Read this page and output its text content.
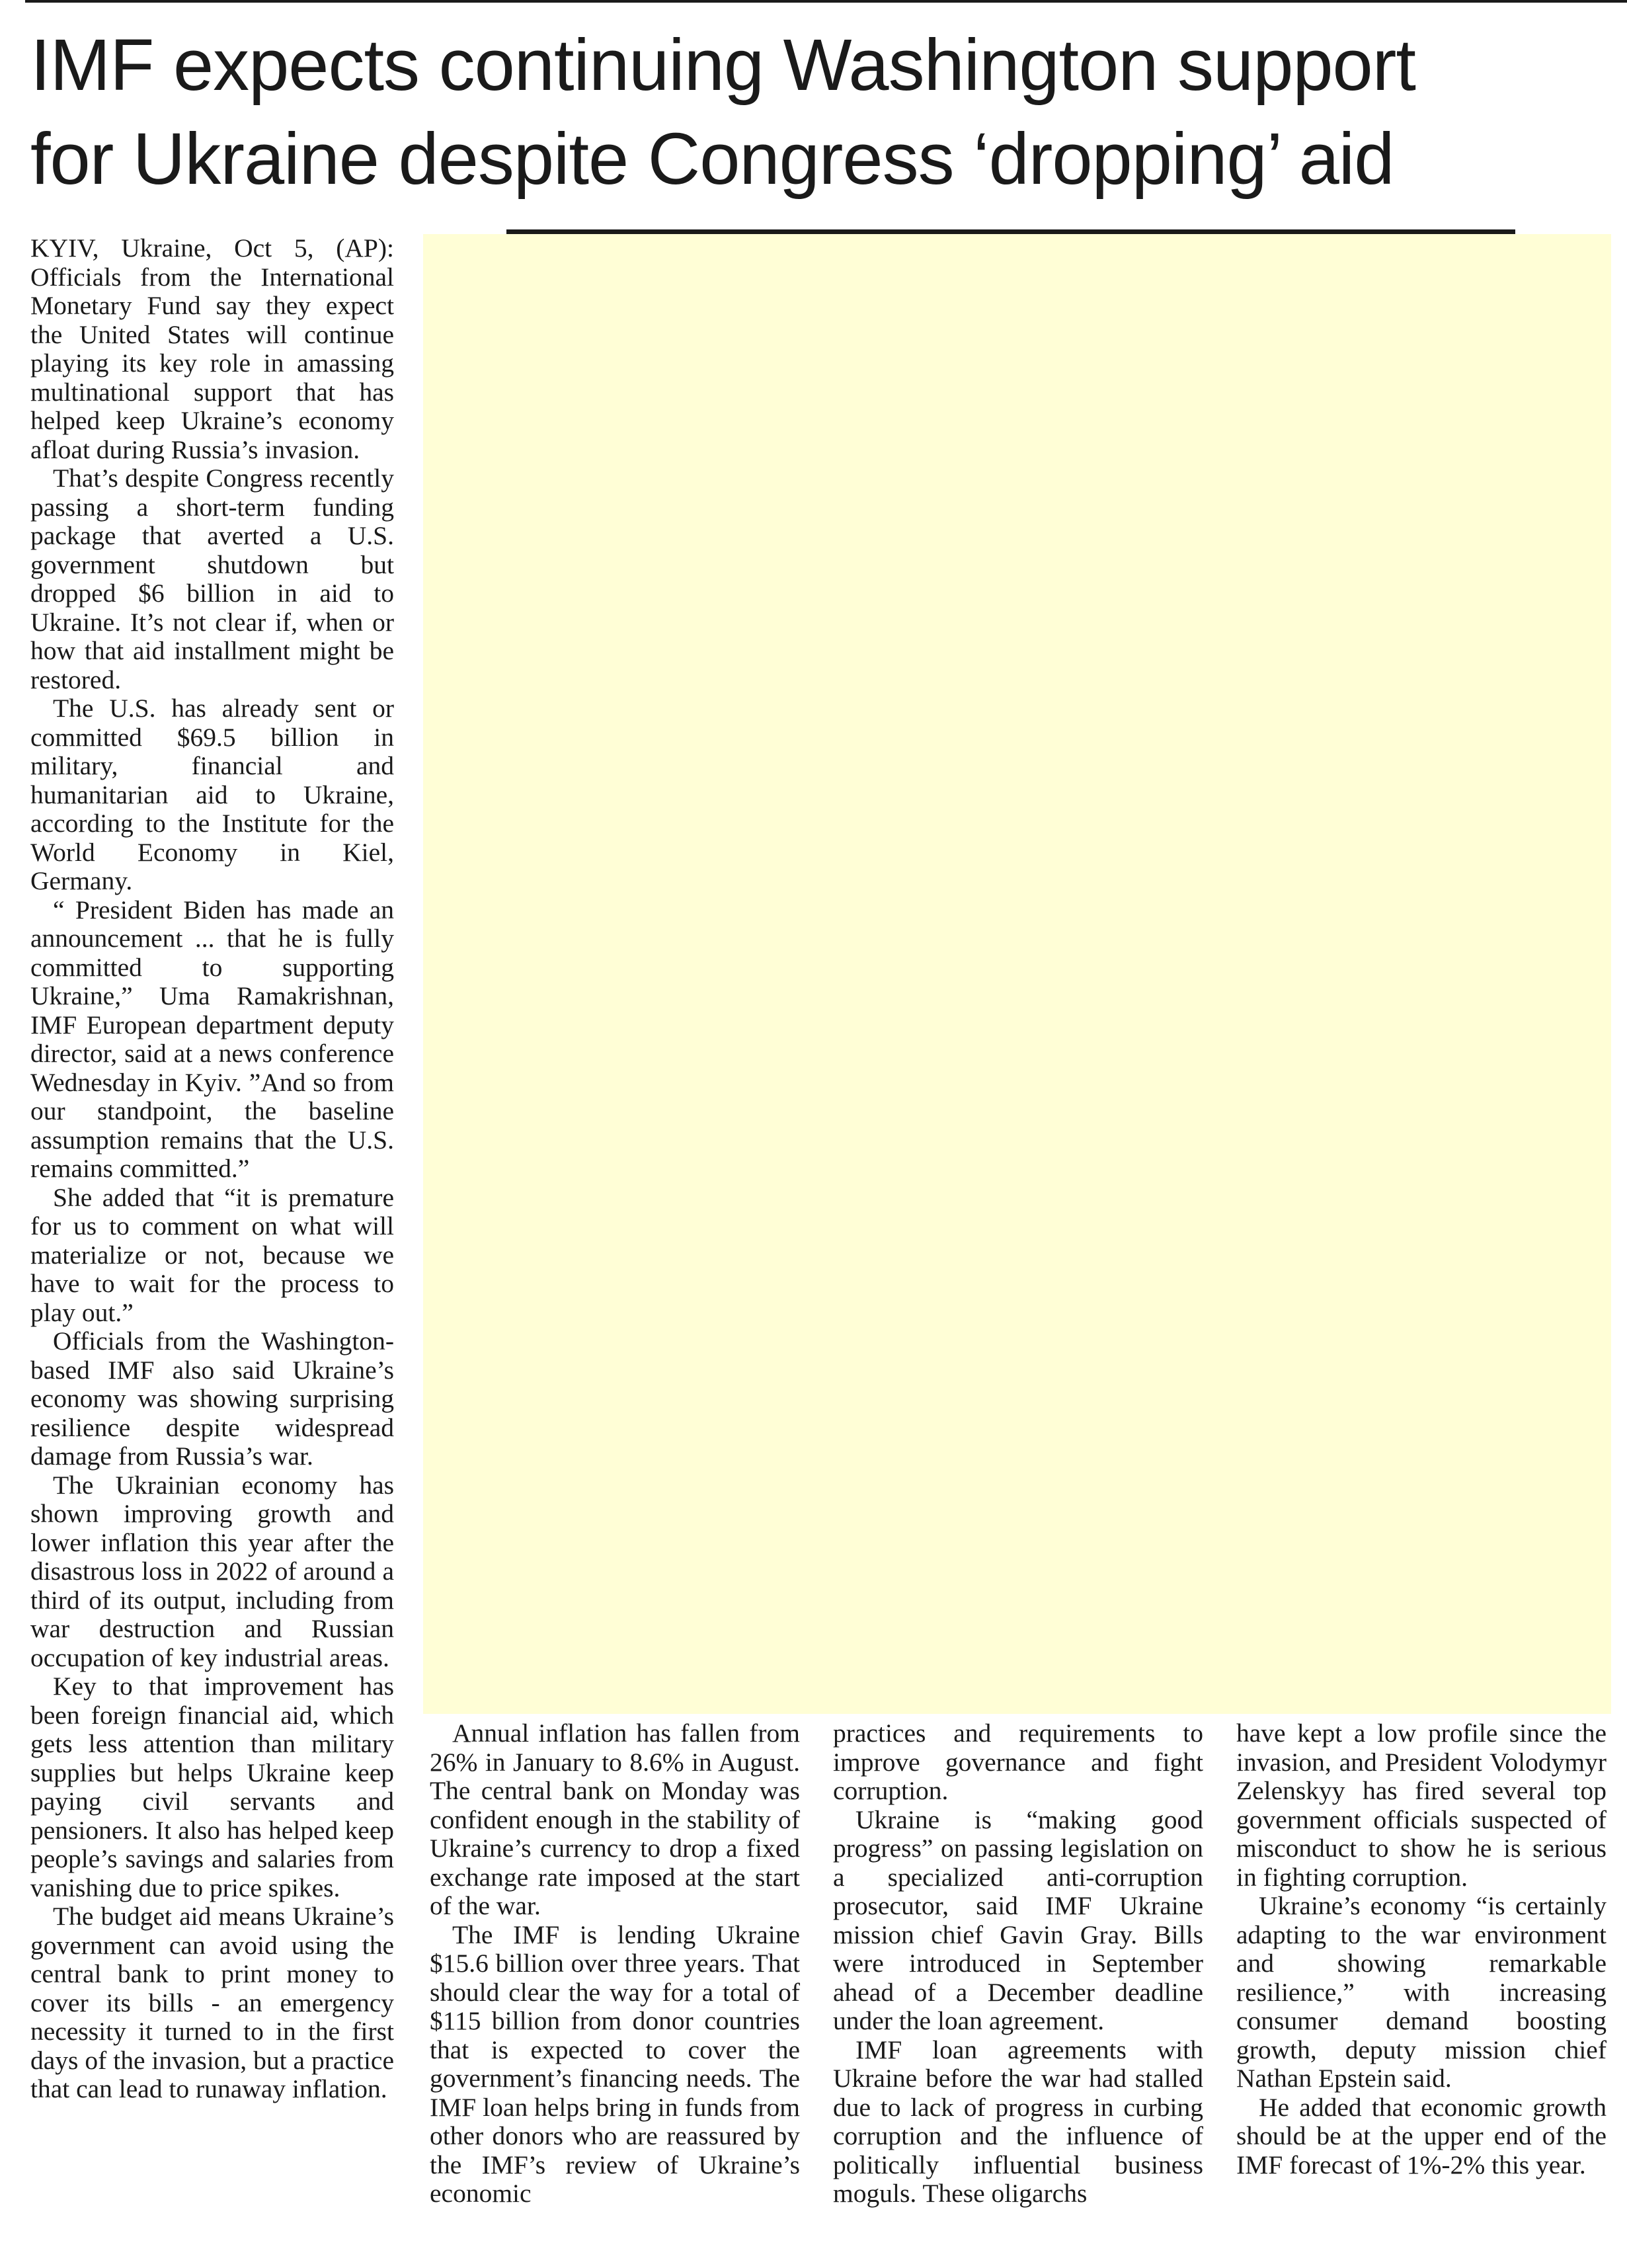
IMF expects continuing Washington support
for Ukraine despite Congress ‘dropping’ aid

KYIV, Ukraine, Oct 5, (AP): Officials from the International Monetary Fund say they expect the United States will continue playing its key role in amassing multinational support that has helped keep Ukraine’s economy afloat during Russia’s invasion.

That’s despite Congress recently passing a short-term funding package that averted a U.S. government shutdown but dropped $6 billion in aid to Ukraine. It’s not clear if, when or how that aid installment might be restored.

The U.S. has already sent or committed $69.5 billion in military, financial and humanitarian aid to Ukraine, according to the Institute for the World Economy in Kiel, Germany.

“ President Biden has made an announcement ... that he is fully committed to supporting Ukraine,” Uma Ramakrishnan, IMF European department deputy director, said at a news conference Wednesday in Kyiv. ”And so from our standpoint, the baseline assumption remains that the U.S. remains committed.”

She added that “it is premature for us to comment on what will materialize or not, because we have to wait for the process to play out.”

Officials from the Washington-based IMF also said Ukraine’s economy was showing surprising resilience despite widespread damage from Russia’s war.

The Ukrainian economy has shown improving growth and lower inflation this year after the disastrous loss in 2022 of around a third of its output, including from war destruction and Russian occupation of key industrial areas.

Key to that improvement has been foreign financial aid, which gets less attention than military supplies but helps Ukraine keep paying civil servants and pensioners. It also has helped keep people’s savings and salaries from vanishing due to price spikes.

The budget aid means Ukraine’s government can avoid using the central bank to print money to cover its bills - an emergency necessity it turned to in the first days of the invasion, but a practice that can lead to runaway inflation.

Annual inflation has fallen from 26% in January to 8.6% in August. The central bank on Monday was confident enough in the stability of Ukraine’s currency to drop a fixed exchange rate imposed at the start of the war.

The IMF is lending Ukraine $15.6 billion over three years. That should clear the way for a total of $115 billion from donor countries that is expected to cover the government’s financing needs. The IMF loan helps bring in funds from other donors who are reassured by the IMF’s review of Ukraine’s economic

practices and requirements to improve governance and fight corruption.

Ukraine is “making good progress” on passing legislation on a specialized anti-corruption prosecutor, said IMF Ukraine mission chief Gavin Gray. Bills were introduced in September ahead of a December deadline under the loan agreement.

IMF loan agreements with Ukraine before the war had stalled due to lack of progress in curbing corruption and the influence of politically influential business moguls. These oligarchs

have kept a low profile since the invasion, and President Volodymyr Zelenskyy has fired several top government officials suspected of misconduct to show he is serious in fighting corruption.

Ukraine’s economy “is certainly adapting to the war environment and showing remarkable resilience,” with increasing consumer demand boosting growth, deputy mission chief Nathan Epstein said.

He added that economic growth should be at the upper end of the IMF forecast of 1%-2% this year.
